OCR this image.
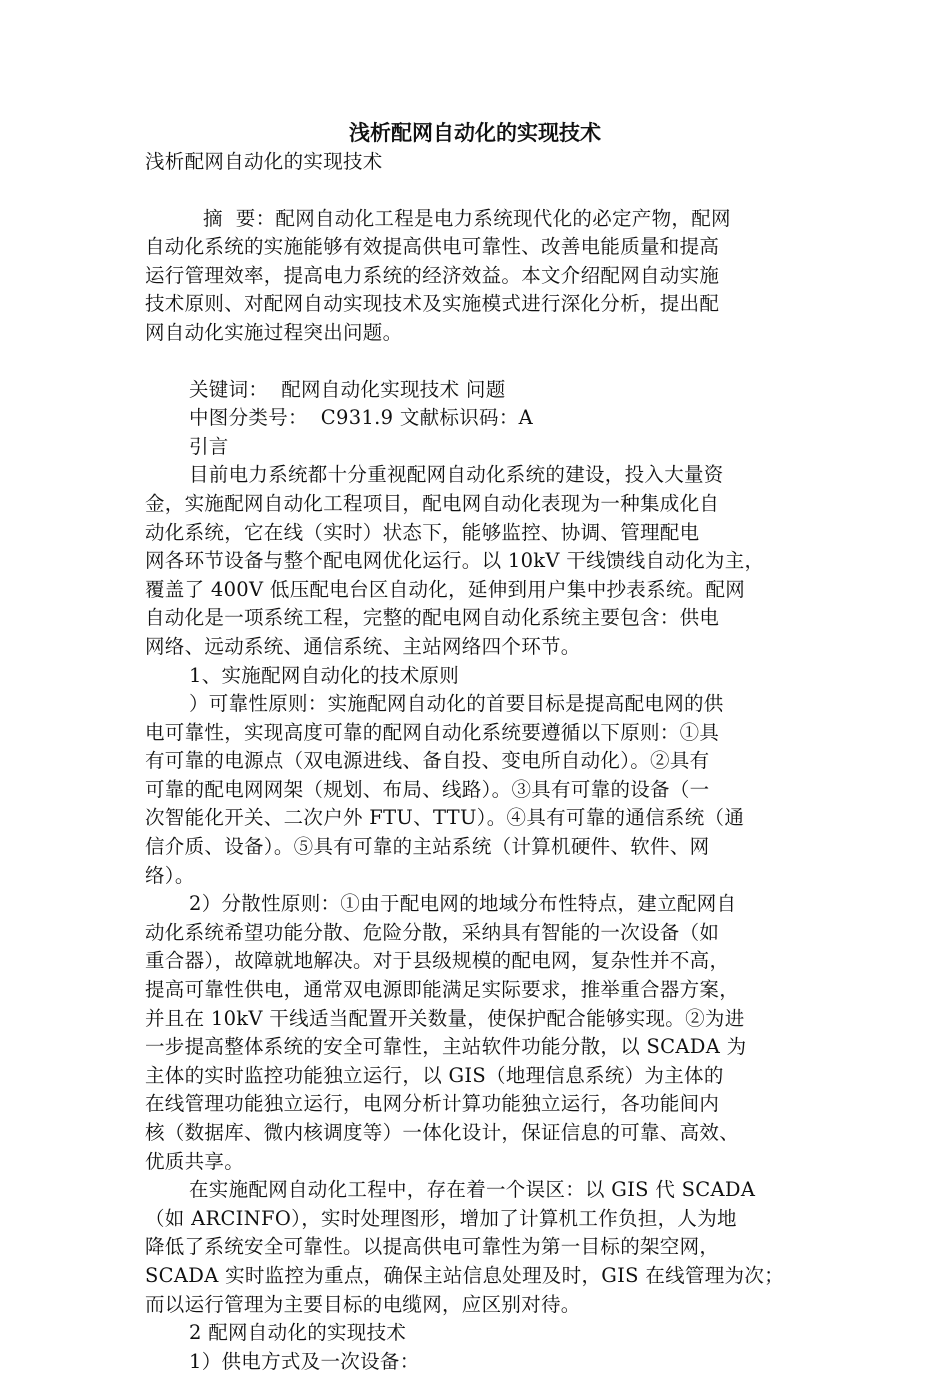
浅析配网自动化的实现技术

浅析配网自动化的实现技术

摘  要：配网自动化工程是电力系统现代化的必定产物，配网

自动化系统的实施能够有效提高供电可靠性、改善电能质量和提高

运行管理效率，提高电力系统的经济效益。本文介绍配网自动实施

技术原则、对配网自动实现技术及实施模式进行深化分析，提出配

网自动化实施过程突出问题。

关键词：  配网自动化实现技术 问题

中图分类号：  C931.9 文献标识码：A

引言

目前电力系统都十分重视配网自动化系统的建设，投入大量资

金，实施配网自动化工程项目，配电网自动化表现为一种集成化自

动化系统，它在线（实时）状态下，能够监控、协调、管理配电

网各环节设备与整个配电网优化运行。以 10kV 干线馈线自动化为主，

覆盖了 400V 低压配电台区自动化，延伸到用户集中抄表系统。配网

自动化是一项系统工程，完整的配电网自动化系统主要包含：供电

网络、远动系统、通信系统、主站网络四个环节。

1、实施配网自动化的技术原则

）可靠性原则：实施配网自动化的首要目标是提高配电网的供

电可靠性，实现高度可靠的配网自动化系统要遵循以下原则：①具

有可靠的电源点（双电源进线、备自投、变电所自动化）。②具有

可靠的配电网网架（规划、布局、线路）。③具有可靠的设备（一

次智能化开关、二次户外 FTU、TTU）。④具有可靠的通信系统（通

信介质、设备）。⑤具有可靠的主站系统（计算机硬件、软件、网

络）。

2）分散性原则：①由于配电网的地域分布性特点，建立配网自

动化系统希望功能分散、危险分散，采纳具有智能的一次设备（如

重合器），故障就地解决。对于县级规模的配电网，复杂性并不高，

提高可靠性供电，通常双电源即能满足实际要求，推举重合器方案，

并且在 10kV 干线适当配置开关数量，使保护配合能够实现。②为进

一步提高整体系统的安全可靠性，主站软件功能分散，以 SCADA 为

主体的实时监控功能独立运行，以 GIS（地理信息系统）为主体的

在线管理功能独立运行，电网分析计算功能独立运行，各功能间内

核（数据库、微内核调度等）一体化设计，保证信息的可靠、高效、

优质共享。

在实施配网自动化工程中，存在着一个误区：以 GIS 代 SCADA

（如 ARCINFO），实时处理图形，增加了计算机工作负担，人为地

降低了系统安全可靠性。以提高供电可靠性为第一目标的架空网，

SCADA 实时监控为重点，确保主站信息处理及时，GIS 在线管理为次；

而以运行管理为主要目标的电缆网，应区别对待。

2 配网自动化的实现技术

1）供电方式及一次设备：
